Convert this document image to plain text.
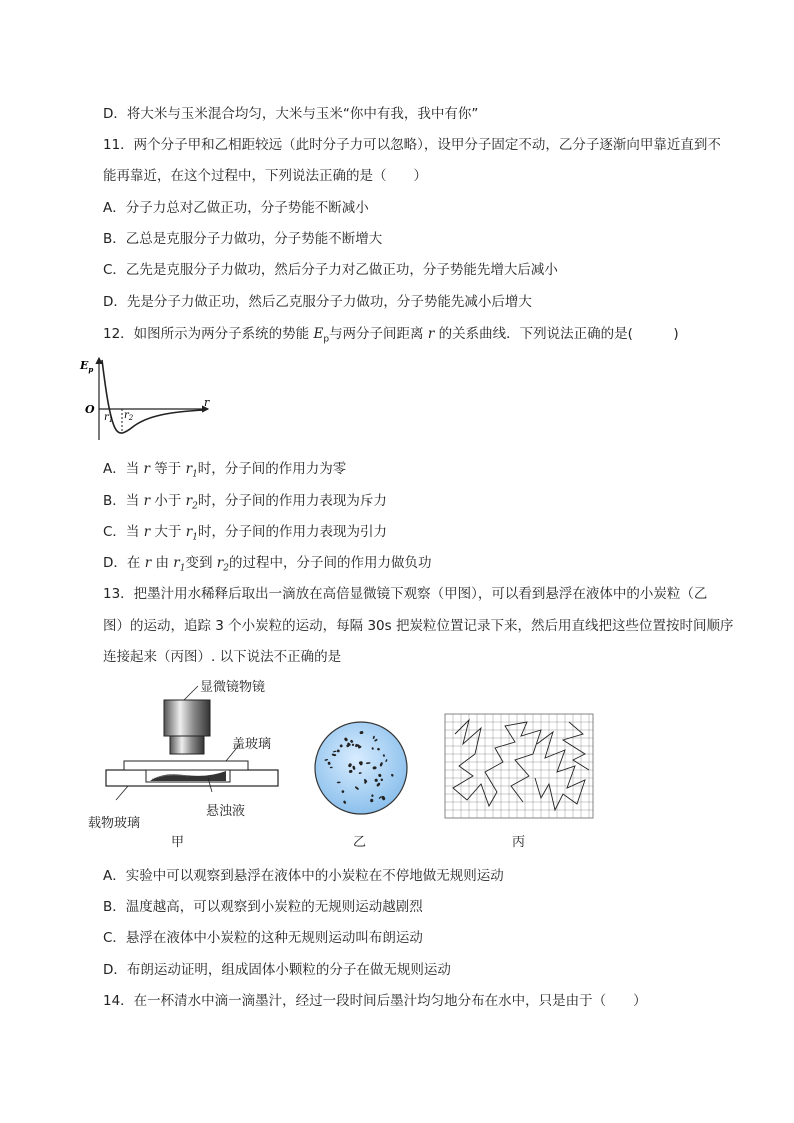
D．将大米与玉米混合均匀，大米与玉米“你中有我，我中有你”
11．两个分子甲和乙相距较远（此时分子力可以忽略），设甲分子固定不动，乙分子逐渐向甲靠近直到不
能再靠近，在这个过程中，下列说法正确的是（　　）
A．分子力总对乙做正功，分子势能不断减小
B．乙总是克服分子力做功，分子势能不断增大
C．乙先是克服分子力做功，然后分子力对乙做正功，分子势能先增大后减小
D．先是分子力做正功，然后乙克服分子力做功，分子势能先减小后增大
12．如图所示为两分子系统的势能 $E_p$与两分子间距离 r 的关系曲线．下列说法正确的是(　　　)
$E_p$
O
r
$r_1$ $r_2$
A．当 r 等于 $r_1$时，分子间的作用力为零
B．当 r 小于 $r_2$时，分子间的作用力表现为斥力
C．当 r 大于 $r_1$时，分子间的作用力表现为引力
D．在 r 由 $r_1$变到 $r_2$的过程中，分子间的作用力做负功
13．把墨汁用水稀释后取出一滴放在高倍显微镜下观察（甲图），可以看到悬浮在液体中的小炭粒（乙
图）的运动，追踪 3 个小炭粒的运动，每隔 30s 把炭粒位置记录下来，然后用直线把这些位置按时间顺序
连接起来（丙图）. 以下说法不正确的是
显微镜物镜
盖玻璃
悬浊液
载物玻璃
甲	乙	丙
A．实验中可以观察到悬浮在液体中的小炭粒在不停地做无规则运动
B．温度越高，可以观察到小炭粒的无规则运动越剧烈
C．悬浮在液体中小炭粒的这种无规则运动叫布朗运动
D．布朗运动证明，组成固体小颗粒的分子在做无规则运动
14．在一杯清水中滴一滴墨汁，经过一段时间后墨汁均匀地分布在水中，只是由于（　　）
